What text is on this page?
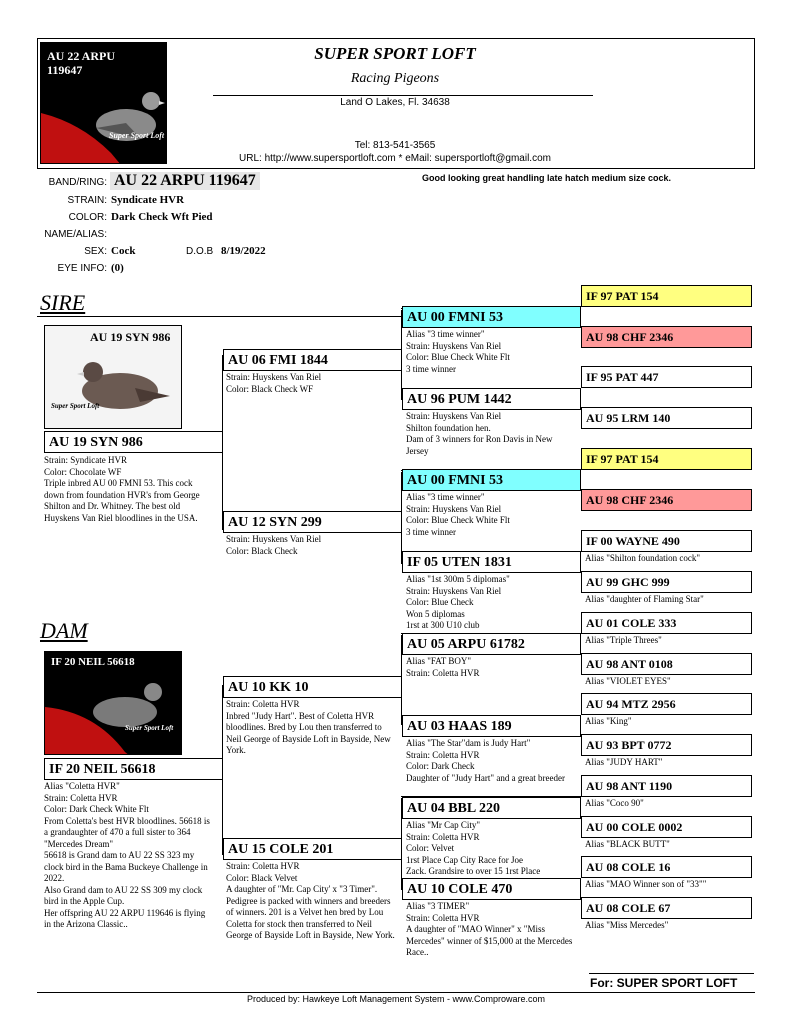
AU 22 ARPU 119647
Super Sport Loft
SUPER SPORT LOFT
Racing Pigeons
Land O Lakes, Fl. 34638
Tel: 813-541-3565
URL: http://www.supersportloft.com * eMail: supersportloft@gmail.com
BAND/RING: AU 22 ARPU 119647	Good looking great handling late hatch medium size cock.
STRAIN: Syndicate HVR
COLOR: Dark Check Wft Pied
NAME/ALIAS:
SEX: Cock	D.O.B 8/19/2022
EYE INFO: (0)
SIRE
AU 19 SYN 986
Super Sport Loft
AU 19 SYN 986
Strain: Syndicate HVR
Color: Chocolate WF
Triple inbred AU 00 FMNI 53. This cock
down from foundation HVR's from George
Shilton and Dr. Whitney. The best old
Huyskens Van Riel bloodlines in the USA.
DAM
IF 20 NEIL 56618
Super Sport Loft
IF 20 NEIL 56618
Alias "Coletta HVR"
Strain: Coletta HVR
Color: Dark Check White Flt
From Coletta's best HVR bloodlines. 56618 is
a grandaughter of 470 a full sister to 364
"Mercedes Dream"
56618 is Grand dam to AU 22 SS 323 my
clock bird in the Bama Buckeye Challenge in
2022.
Also Grand dam to AU 22 SS 309 my clock
bird in the Apple Cup.
Her offspring AU 22 ARPU 119646 is flying
in the Arizona Classic..
AU 06 FMI 1844
Strain: Huyskens Van Riel
Color: Black Check WF
AU 12 SYN 299
Strain: Huyskens Van Riel
Color: Black Check
AU 10 KK 10
Strain: Coletta HVR
Inbred "Judy Hart". Best of Coletta HVR
bloodlines. Bred by Lou then transferred to
Neil George of Bayside Loft in Bayside, New
York.
AU 15 COLE 201
Strain: Coletta HVR
Color: Black Velvet
A daughter of "Mr. Cap City' x "3 Timer".
Pedigree is packed with winners and breeders
of winners. 201 is a Velvet hen bred by Lou
Coletta for stock then transferred to Neil
George of Bayside Loft in Bayside, New York.
AU 00 FMNI 53
Alias "3 time winner"
Strain: Huyskens Van Riel
Color: Blue Check White Flt
3 time winner
AU 96 PUM 1442
Strain: Huyskens Van Riel
Shilton foundation hen.
Dam of 3 winners for Ron Davis in New
Jersey
AU 00 FMNI 53
Alias "3 time winner"
Strain: Huyskens Van Riel
Color: Blue Check White Flt
3 time winner
IF 05 UTEN 1831
Alias "1st 300m 5 diplomas"
Strain: Huyskens Van Riel
Color: Blue Check
Won 5 diplomas
1rst at 300 U10 club
AU 05 ARPU 61782
Alias "FAT BOY"
Strain: Coletta HVR
AU 03 HAAS 189
Alias "The Star"dam is Judy Hart"
Strain: Coletta HVR
Color: Dark Check
Daughter of "Judy Hart" and a great breeder
AU 04 BBL 220
Alias "Mr Cap City"
Strain: Coletta HVR
Color: Velvet
1rst Place Cap City Race for Joe
Zack. Grandsire to over 15 1rst Place
AU 10 COLE 470
Alias "3 TIMER"
Strain: Coletta HVR
A daughter of "MAO Winner" x "Miss
Mercedes" winner of $15,000 at the Mercedes
Race..
IF 97 PAT 154
AU 98 CHF 2346
IF 95 PAT 447
AU 95 LRM 140
IF 97 PAT 154
AU 98 CHF 2346
IF 00 WAYNE 490
Alias "Shilton foundation cock"
AU 99 GHC 999
Alias "daughter of Flaming Star"
AU 01 COLE 333
Alias "Triple Threes"
AU 98 ANT 0108
Alias "VIOLET EYES"
AU 94 MTZ 2956
Alias "King"
AU 93 BPT 0772
Alias "JUDY HART"
AU 98 ANT 1190
Alias "Coco 90"
AU 00 COLE 0002
Alias "BLACK BUTT"
AU 08 COLE 16
Alias "MAO Winner son of "33""
AU 08 COLE 67
Alias "Miss Mercedes"
For: SUPER SPORT LOFT
Produced by: Hawkeye Loft Management System - www.Comproware.com
